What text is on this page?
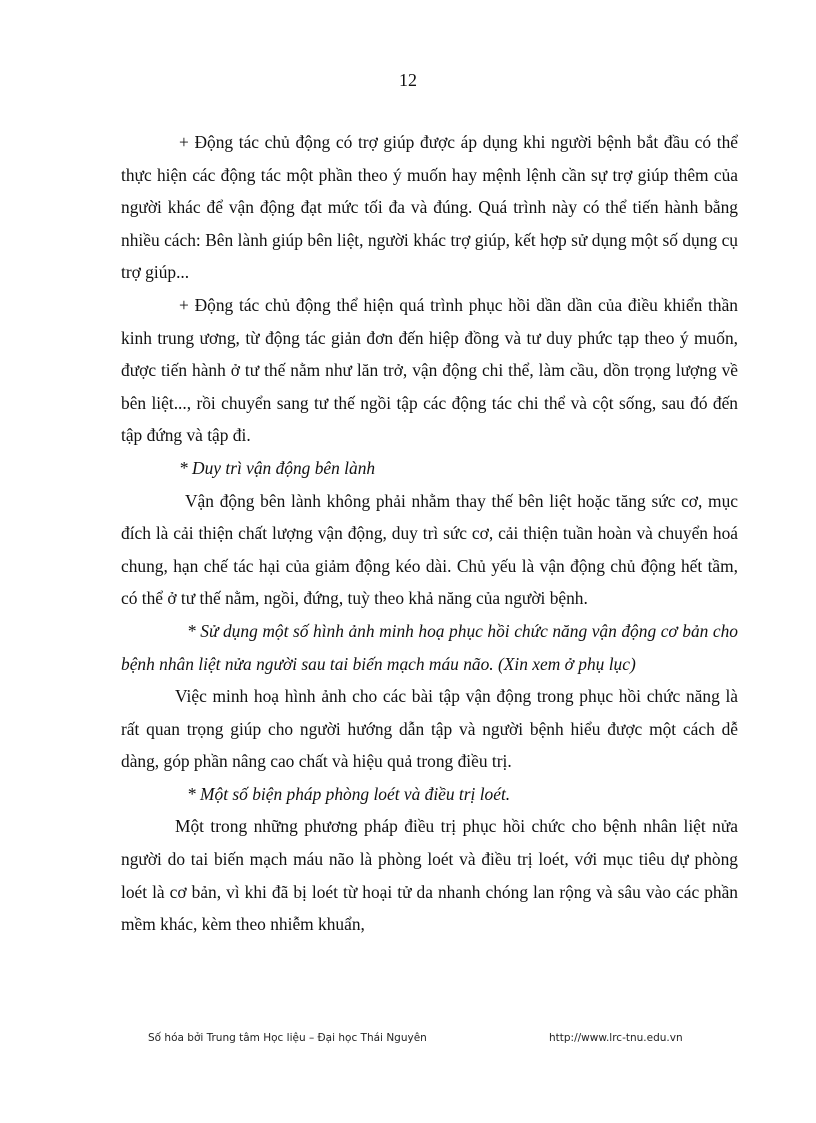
12

+ Động tác chủ động có trợ giúp được áp dụng khi người bệnh bắt đầu có thể thực hiện các động tác một phần theo ý muốn hay mệnh lệnh cần sự trợ giúp thêm của người khác để vận động đạt mức tối đa và đúng. Quá trình này có thể tiến hành bằng nhiều cách: Bên lành giúp bên liệt, người khác trợ giúp, kết hợp sử dụng một số dụng cụ trợ giúp...

+ Động tác chủ động thể hiện quá trình phục hồi dần dần của điều khiển thần kinh trung ương, từ động tác giản đơn đến hiệp đồng và tư duy phức tạp theo ý muốn, được tiến hành ở tư thế nằm như lăn trở, vận động chi thể, làm cầu, dồn trọng lượng về bên liệt..., rồi chuyển sang tư thế ngồi tập các động tác chi thể và cột sống, sau đó đến tập đứng và tập đi.

* Duy trì vận động bên lành

Vận động bên lành không phải nhằm thay thế bên liệt hoặc tăng sức cơ, mục đích là cải thiện chất lượng vận động, duy trì sức cơ, cải thiện tuần hoàn và chuyển hoá chung, hạn chế tác hại của giảm động kéo dài. Chủ yếu là vận động chủ động hết tầm, có thể ở tư thế nằm, ngồi, đứng, tuỳ theo khả năng của người bệnh.

* Sử dụng một số hình ảnh minh hoạ phục hồi chức năng vận động cơ bản cho bệnh nhân liệt nửa người sau tai biến mạch máu não. (Xin xem ở phụ lục)

Việc minh hoạ hình ảnh cho các bài tập vận động trong phục hồi chức năng là rất quan trọng giúp cho người hướng dẫn tập và người bệnh hiểu được một cách dễ dàng, góp phần nâng cao chất và hiệu quả trong điều trị.

* Một số biện pháp phòng loét và điều trị loét.

Một trong những phương pháp điều trị phục hồi chức cho bệnh nhân liệt nửa người do tai biến mạch máu não là phòng loét và điều trị loét, với mục tiêu dự phòng loét là cơ bản, vì khi đã bị loét từ hoại tử da nhanh chóng lan rộng và sâu vào các phần mềm khác, kèm theo nhiễm khuẩn,

Số hóa bởi Trung tâm Học liệu – Đại học Thái Nguyên	http://www.lrc-tnu.edu.vn
